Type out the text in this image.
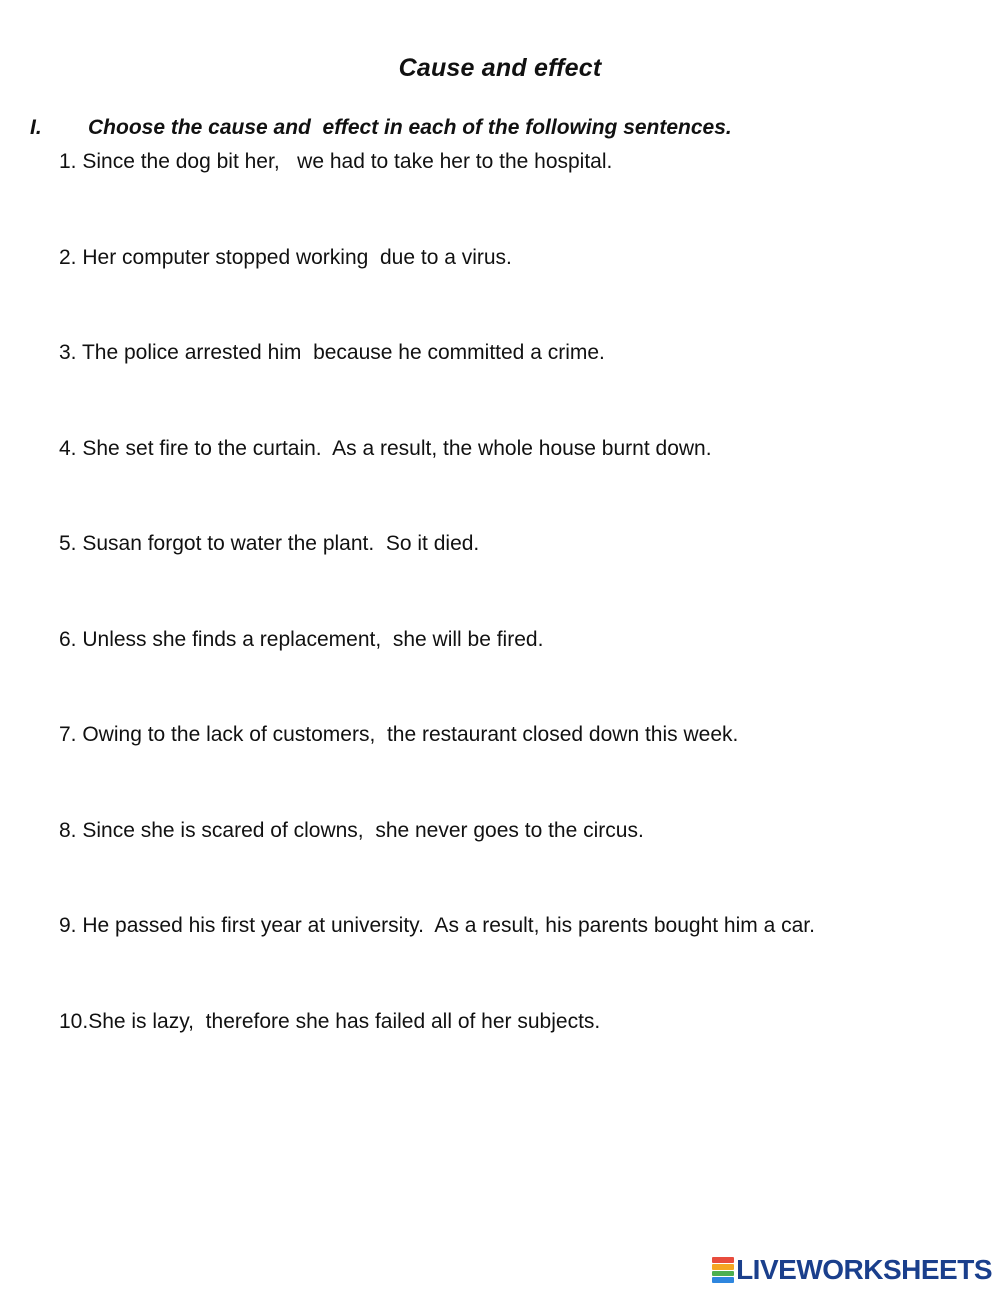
Cause and effect
I. Choose the cause and  effect in each of the following sentences.
1. Since the dog bit her,   we had to take her to the hospital.
2. Her computer stopped working  due to a virus.
3. The police arrested him  because he committed a crime.
4. She set fire to the curtain.  As a result, the whole house burnt down.
5. Susan forgot to water the plant.  So it died.
6. Unless she finds a replacement,  she will be fired.
7. Owing to the lack of customers,  the restaurant closed down this week.
8. Since she is scared of clowns,  she never goes to the circus.
9. He passed his first year at university.  As a result, his parents bought him a car.
10.She is lazy,  therefore she has failed all of her subjects.
LIVEWORKSHEETS
